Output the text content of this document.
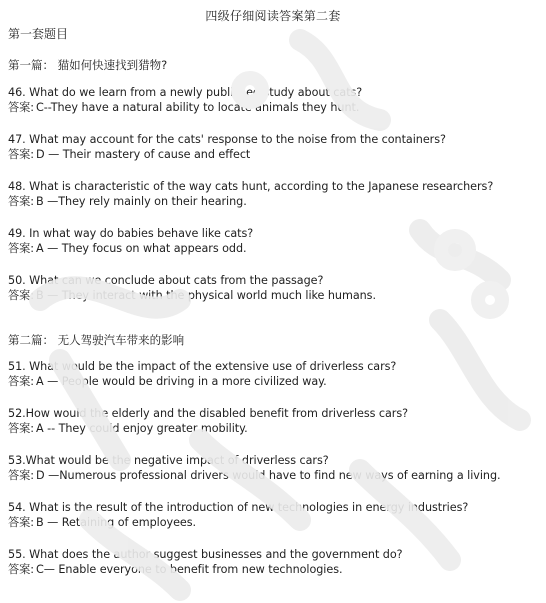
四级仔细阅读答案第二套
第一套题目
第一篇： 猫如何快速找到猎物?
46. What do we learn from a newly published study about cats?
答案: C--They have a natural ability to locate animals they hunt.
47. What may account for the cats' response to the noise from the containers?
答案: D — Their mastery of cause and effect
48. What is characteristic of the way cats hunt, according to the Japanese researchers?
答案: B —They rely mainly on their hearing.
49. In what way do babies behave like cats?
答案: A — They focus on what appears odd.
50. What can we conclude about cats from the passage?
答案: B — They interact with the physical world much like humans.
第二篇： 无人驾驶汽车带来的影响
51. What would be the impact of the extensive use of driverless cars?
答案: A — People would be driving in a more civilized way.
52.How would the elderly and the disabled benefit from driverless cars?
答案: A -- They could enjoy greater mobility.
53.What would be the negative impact of driverless cars?
答案: D —Numerous professional drivers would have to find new ways of earning a living.
54. What is the result of the introduction of new technologies in energy industries?
答案: B — Retaining of employees.
55. What does the author suggest businesses and the government do?
答案: C— Enable everyone to benefit from new technologies.
